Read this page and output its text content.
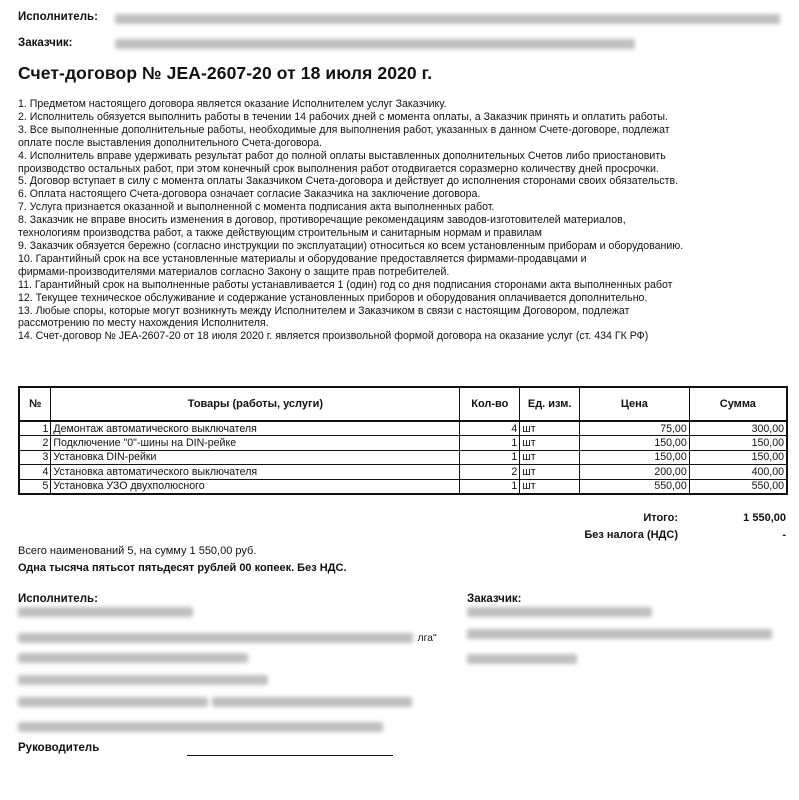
Исполнитель:
Заказчик:
Счет-договор № JEA-2607-20 от 18 июля 2020 г.
1. Предметом настоящего договора является оказание Исполнителем услуг Заказчику.
2. Исполнитель обязуется выполнить работы в течении 14 рабочих дней с момента оплаты, а Заказчик принять и оплатить работы.
3. Все выполненные дополнительные работы, необходимые для выполнения работ, указанных в данном Счете-договоре, подлежат
оплате после выставления дополнительного Счета-договора.
4. Исполнитель вправе удерживать результат работ до полной оплаты выставленных дополнительных Счетов либо приостановить
производство остальных работ, при этом конечный срок выполнения работ отодвигается соразмерно количеству дней просрочки.
5. Договор вступает в силу с момента оплаты Заказчиком Счета-договора и действует до исполнения сторонами своих обязательств.
6. Оплата настоящего Счета-договора означает согласие Заказчика на заключение договора.
7. Услуга признается оказанной и выполненной с момента подписания акта выполненных работ.
8. Заказчик не вправе вносить изменения в договор, противоречащие рекомендациям заводов-изготовителей материалов,
технологиям производства работ, а также действующим строительным и санитарным нормам и правилам
9. Заказчик обязуется бережно (согласно инструкции по эксплуатации) относиться ко всем установленным приборам и оборудованию.
10. Гарантийный срок на все установленные материалы и оборудование предоставляется фирмами-продавцами и
фирмами-производителями материалов согласно Закону о защите прав потребителей.
11. Гарантийный срок на выполненные работы устанавливается 1 (один) год со дня подписания сторонами акта выполненных работ
12. Текущее техническое обслуживание и содержание установленных приборов и оборудования оплачивается дополнительно.
13. Любые споры, которые могут возникнуть между Исполнителем и Заказчиком в связи с настоящим Договором, подлежат
рассмотрению по месту нахождения Исполнителя.
14. Счет-договор № JEA-2607-20 от 18 июля 2020 г. является произвольной формой договора на оказание услуг (ст. 434 ГК РФ)
№	Товары (работы, услуги)	Кол-во	Ед. изм.	Цена	Сумма
1	Демонтаж автоматического выключателя	4	шт	75,00	300,00
2	Подключение "0"-шины на DIN-рейке	1	шт	150,00	150,00
3	Установка DIN-рейки	1	шт	150,00	150,00
4	Установка автоматического выключателя	2	шт	200,00	400,00
5	Установка УЗО двухполюсного	1	шт	550,00	550,00
Итого:	1 550,00
Без налога (НДС)	-
Всего наименований 5, на сумму 1 550,00 руб.
Одна тысяча пятьсот пятьдесят рублей 00 копеек. Без НДС.
Исполнитель:	Заказчик:
лга"

Руководитель
